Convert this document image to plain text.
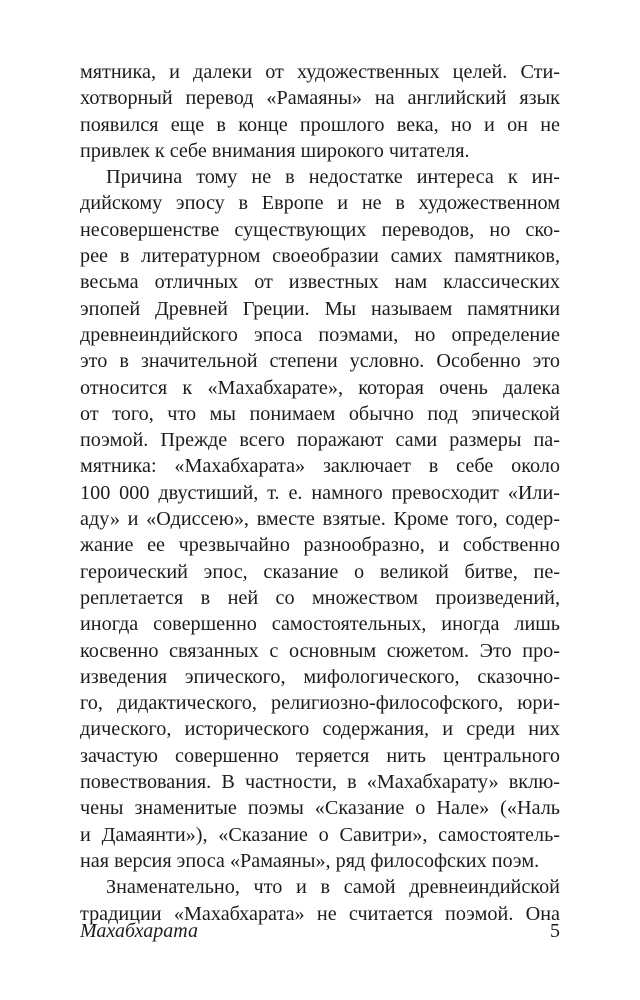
мятника, и далеки от художественных целей. Сти-
хотворный перевод «Рамаяны» на английский язык
появился еще в конце прошлого века, но и он не
привлек к себе внимания широкого читателя.
Причина тому не в недостатке интереса к ин-
дийскому эпосу в Европе и не в художественном
несовершенстве существующих переводов, но ско-
рее в литературном своеобразии самих памятников,
весьма отличных от известных нам классических
эпопей Древней Греции. Мы называем памятники
древнеиндийского эпоса поэмами, но определение
это в значительной степени условно. Особенно это
относится к «Махабхарате», которая очень далека
от того, что мы понимаем обычно под эпической
поэмой. Прежде всего поражают сами размеры па-
мятника: «Махабхарата» заключает в себе около
100 000 двустиший, т. е. намного превосходит «Или-
аду» и «Одиссею», вместе взятые. Кроме того, содер-
жание ее чрезвычайно разнообразно, и собственно
героический эпос, сказание о великой битве, пе-
реплетается в ней со множеством произведений,
иногда совершенно самостоятельных, иногда лишь
косвенно связанных с основным сюжетом. Это про-
изведения эпического, мифологического, сказочно-
го, дидактического, религиозно-философского, юри-
дического, исторического содержания, и среди них
зачастую совершенно теряется нить центрального
повествования. В частности, в «Махабхарату» вклю-
чены знаменитые поэмы «Сказание о Нале» («Наль
и Дамаянти»), «Сказание о Савитри», самостоятель-
ная версия эпоса «Рамаяны», ряд философских поэм.
Знаменательно, что и в самой древнеиндийской
традиции «Махабхарата» не считается поэмой. Она
Махабхарата	5
